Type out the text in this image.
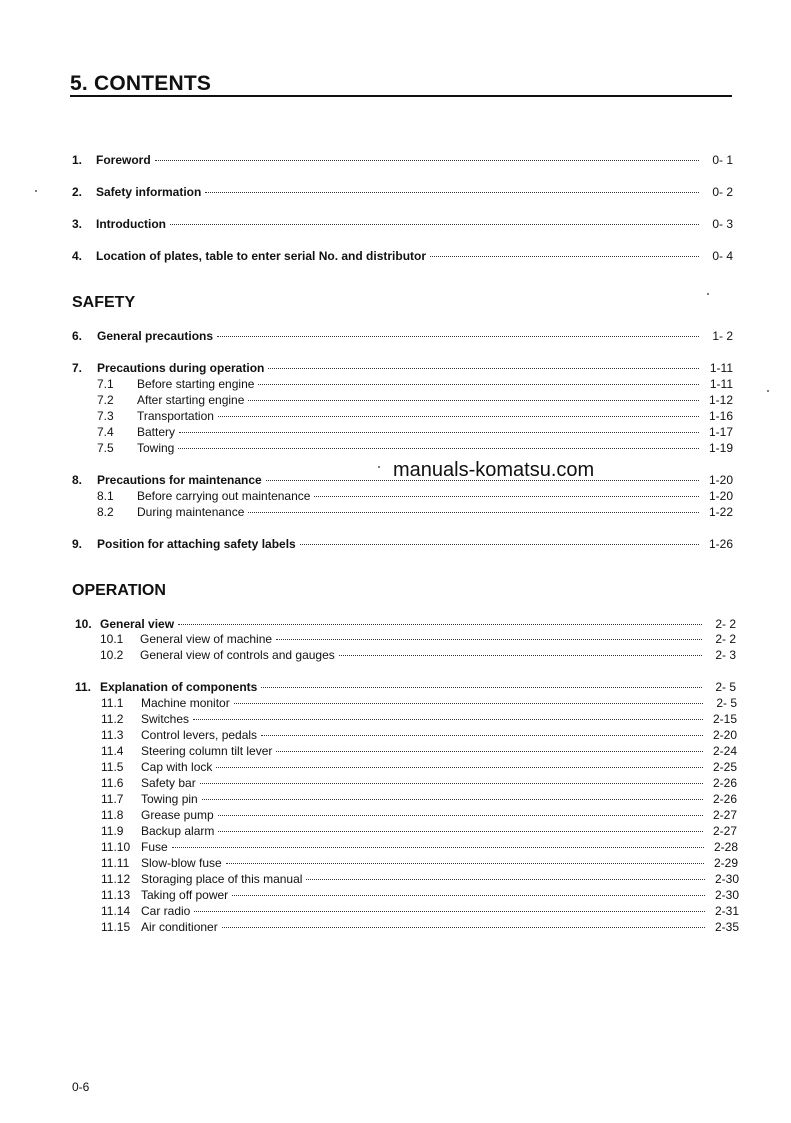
5. CONTENTS
1.	Foreword	0- 1
2.	Safety information	0- 2
3.	Introduction	0- 3
4.	Location of plates, table to enter serial No. and distributor	0- 4
SAFETY
6.	General precautions	1- 2
7.	Precautions during operation	1-11
7.1	Before starting engine	1-11
7.2	After starting engine	1-12
7.3	Transportation	1-16
7.4	Battery	1-17
7.5	Towing	1-19
8.	Precautions for maintenance	1-20
8.1	Before carrying out maintenance	1-20
8.2	During maintenance	1-22
9.	Position for attaching safety labels	1-26
OPERATION
10. General view	2- 2
10.1	General view of machine	2- 2
10.2	General view of controls and gauges	2- 3
11. Explanation of components	2- 5
11.1	Machine monitor	2- 5
11.2	Switches	2-15
11.3	Control levers, pedals	2-20
11.4	Steering column tilt lever	2-24
11.5	Cap with lock	2-25
11.6	Safety bar	2-26
11.7	Towing pin	2-26
11.8	Grease pump	2-27
11.9	Backup alarm	2-27
11.10 Fuse	2-28
11.11 Slow-blow fuse	2-29
11.12 Storaging place of this manual	2-30
11.13 Taking off power	2-30
11.14 Car radio	2-31
11.15 Air conditioner	2-35
manuals-komatsu.com
0-6
